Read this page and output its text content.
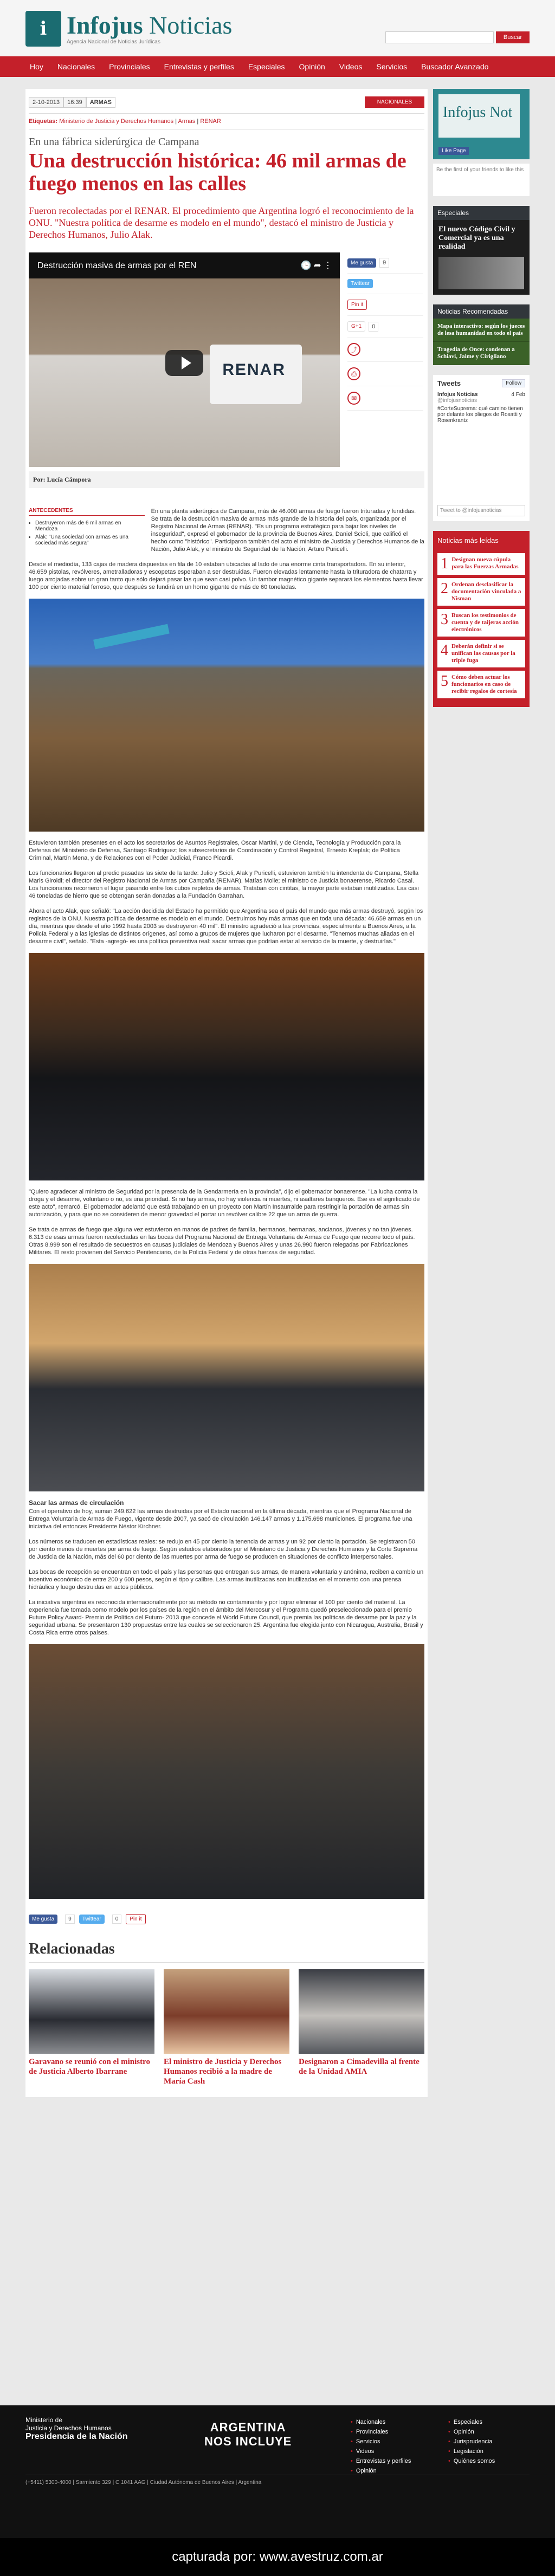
ℹ Infojus Noticias
Agencia Nacional de Noticias Jurídicas
Buscar
Hoy	Nacionales	Provinciales	Entrevistas y perfiles	Especiales	Opinión	Videos	Servicios	Buscador Avanzado
2-10-2013	16:39	ARMAS	NACIONALES
Etiquetas: Ministerio de Justicia y Derechos Humanos | Armas | RENAR
En una fábrica siderúrgica de Campana
Una destrucción histórica: 46 mil armas de fuego menos en las calles
Fueron recolectadas por el RENAR. El procedimiento que Argentina logró el reconocimiento de la ONU. "Nuestra política de desarme es modelo en el mundo", destacó el ministro de Justicia y Derechos Humanos, Julio Alak.
Destrucción masiva de armas por el REN	🕒 ➦ ⋮
RENAR
Me gusta	9
Twittear
Pin it
G+1	0
⤴
⎙
✉
Por: Lucía Cámpora
ANTECEDENTES
• Destruyeron más de 6 mil armas en Mendoza
• Alak: "Una sociedad con armas es una sociedad más segura"
En una planta siderúrgica de Campana, más de 46.000 armas de fuego fueron trituradas y fundidas. Se trata de la destrucción masiva de armas más grande de la historia del país, organizada por el Registro Nacional de Armas (RENAR). "Es un programa estratégico para bajar los niveles de inseguridad", expresó el gobernador de la provincia de Buenos Aires, Daniel Scioli, que calificó el hecho como "histórico". Participaron también del acto el ministro de Justicia y Derechos Humanos de la Nación, Julio Alak, y el ministro de Seguridad de la Nación, Arturo Puricelli.

Desde el mediodía, 133 cajas de madera dispuestas en fila de 10 estaban ubicadas al lado de una enorme cinta transportadora. En su interior, 46.659 pistolas, revólveres, ametralladoras y escopetas esperaban a ser destruidas. Fueron elevadas lentamente hasta la trituradora de chatarra y luego arrojadas sobre un gran tanto que sólo dejará pasar las que sean casi polvo. Un tambor magnético gigante separará los elementos hasta llevar 100 por ciento material ferroso, que después se fundirá en un horno gigante de más de 60 toneladas.

Estuvieron también presentes en el acto los secretarios de Asuntos Registrales, Oscar Martini, y de Ciencia, Tecnología y Producción para la Defensa del Ministerio de Defensa, Santiago Rodríguez; los subsecretarios de Coordinación y Control Registral, Ernesto Kreplak; de Política Criminal, Martín Mena, y de Relaciones con el Poder Judicial, Franco Picardi.

Los funcionarios llegaron al predio pasadas las siete de la tarde: Julio y Scioli, Alak y Puricelli, estuvieron también la intendenta de Campana, Stella Maris Giroldi; el director del Registro Nacional de Armas por Campaña (RENAR), Matías Molle; el ministro de Justicia bonaerense, Ricardo Casal. Los funcionarios recorrieron el lugar pasando entre los cubos repletos de armas. Trataban con cintitas, la mayor parte estaban inutilizadas. Las casi 46 toneladas de hierro que se obtengan serán donadas a la Fundación Garrahan.

Ahora el acto Alak, que señaló: "La acción decidida del Estado ha permitido que Argentina sea el país del mundo que más armas destruyó, según los registros de la ONU. Nuestra política de desarme es modelo en el mundo. Destruimos hoy más armas que en toda una década: 46.659 armas en un día, mientras que desde el año 1992 hasta 2003 se destruyeron 40 mil". El ministro agradeció a las provincias, especialmente a Buenos Aires, a la Policía Federal y a las iglesias de distintos orígenes, así como a grupos de mujeres que lucharon por el desarme. "Tenemos muchas aliadas en el desarme civil", señaló. "Esta -agregó- es una política preventiva real: sacar armas que podrían estar al servicio de la muerte, y destruirlas."

"Quiero agradecer al ministro de Seguridad por la presencia de la Gendarmería en la provincia", dijo el gobernador bonaerense. "La lucha contra la droga y el desarme, voluntario o no, es una prioridad. Si no hay armas, no hay violencia ni muertes, ni asaltares banqueros. Ese es el significado de este acto", remarcó. El gobernador adelantó que está trabajando en un proyecto con Martín Insaurralde para restringir la portación de armas sin autorización, y para que no se consideren de menor gravedad el portar un revólver calibre 22 que un arma de guerra.

Se trata de armas de fuego que alguna vez estuvieron en manos de padres de familia, hermanos, hermanas, ancianos, jóvenes y no tan jóvenes. 6.313 de esas armas fueron recolectadas en las bocas del Programa Nacional de Entrega Voluntaria de Armas de Fuego que recorre todo el país. Otras 8.999 son el resultado de secuestros en causas judiciales de Mendoza y Buenos Aires y unas 26.990 fueron relegadas por Fabricaciones Militares. El resto provienen del Servicio Penitenciario, de la Policía Federal y de otras fuerzas de seguridad.

Sacar las armas de circulación

Con el operativo de hoy, suman 249.622 las armas destruidas por el Estado nacional en la última década, mientras que el Programa Nacional de Entrega Voluntaria de Armas de Fuego, vigente desde 2007, ya sacó de circulación 146.147 armas y 1.175.698 municiones. El programa fue una iniciativa del entonces Presidente Néstor Kirchner.

Los números se traducen en estadísticas reales: se redujo en 45 por ciento la tenencia de armas y un 92 por ciento la portación. Se registraron 50 por ciento menos de muertes por arma de fuego. Según estudios elaborados por el Ministerio de Justicia y Derechos Humanos y la Corte Suprema de Justicia de la Nación, más del 60 por ciento de las muertes por arma de fuego se producen en situaciones de conflicto interpersonales.

Las bocas de recepción se encuentran en todo el país y las personas que entregan sus armas, de manera voluntaria y anónima, reciben a cambio un incentivo económico de entre 200 y 600 pesos, según el tipo y calibre. Las armas inutilizadas son inutilizadas en el momento con una prensa hidráulica y luego destruidas en actos públicos.

La iniciativa argentina es reconocida internacionalmente por su método no contaminante y por lograr eliminar el 100 por ciento del material. La experiencia fue tomada como modelo por los países de la región en el ámbito del Mercosur y el Programa quedó preseleccionado para el premio Future Policy Award- Premio de Política del Futuro- 2013 que concede el World Future Council, que premia las políticas de desarme por la paz y la seguridad urbana. Se presentaron 130 propuestas entre las cuales se seleccionaron 25. Argentina fue elegida junto con Nicaragua, Australia, Brasil y Costa Rica entre otros países.

Me gusta	9	Twittear	0	Pin it
Relacionadas
Garavano se reunió con el ministro de Justicia Alberto Ibarrane
El ministro de Justicia y Derechos Humanos recibió a la madre de María Cash
Designaron a Cimadevilla al frente de la Unidad AMIA
Infojus Not
Like Page
Be the first of your friends to like this
Especiales
El nuevo Código Civil y Comercial ya es una realidad
Noticias Recomendadas
Mapa interactivo: según los jueces de lesa humanidad en todo el país
Tragedia de Once: condenan a Schiavi, Jaime y Cirigliano
Tweets	Follow
Infojus Noticias	4 Feb
@infojusnoticias
#CorteSuprema: qué camino tienen por delante los pliegos de Rosatti y Rosenkrantz
Tweet to @infojusnoticias
Noticias más leídas
1 Designan nueva cúpula para las Fuerzas Armadas
2 Ordenan desclasificar la documentación vinculada a Nisman
3 Buscan los testimonios de cuenta y de taijeras acción electrónicos
4 Deberán definir si se unifican las causas por la triple fuga
5 Cómo deben actuar los funcionarios en caso de recibir regalos de cortesía
Ministerio de
Justicia y Derechos Humanos
Presidencia de la Nación
ARGENTINA
NOS INCLUYE
• Nacionales
• Provinciales
• Servicios
• Videos
• Entrevistas y perfiles
• Opinión
• Especiales
• Opinión
• Jurisprudencia
• Legislación
• Quiénes somos
(+5411) 5300-4000 | Sarmiento 329 | C 1041 AAG | Ciudad Autónoma de Buenos Aires | Argentina
capturada por: www.avestruz.com.ar
